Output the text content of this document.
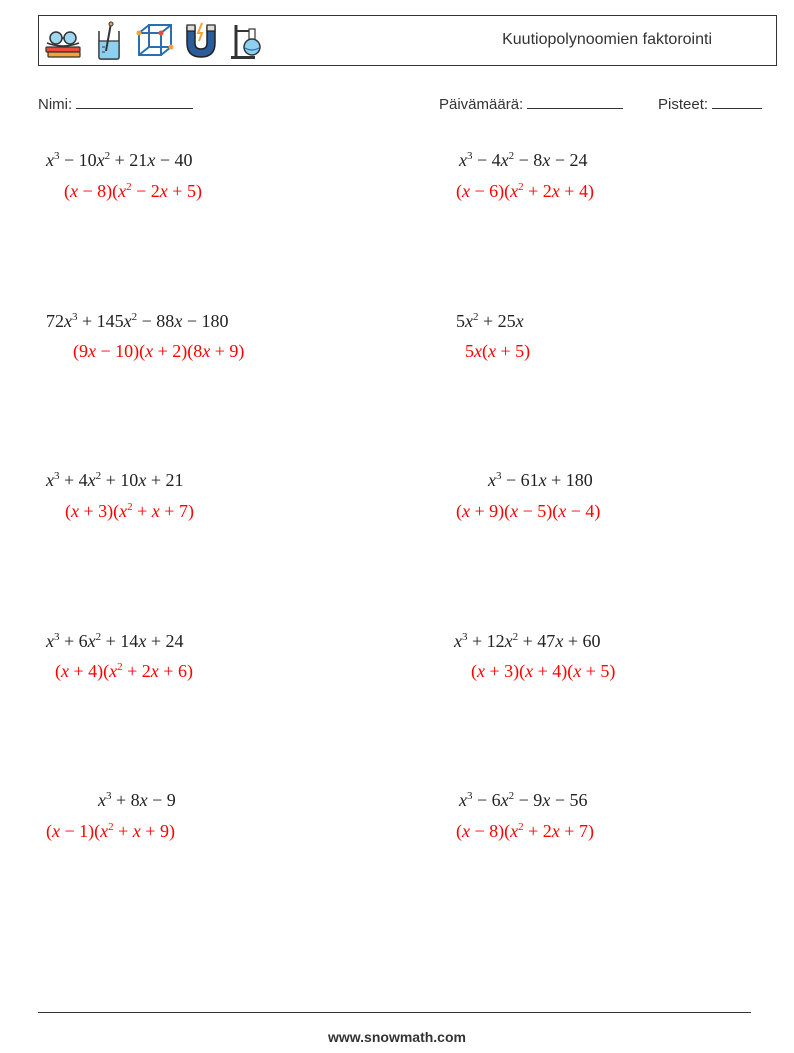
Kuutiopolynoomien faktorointi
Nimi:	Päivämäärä:	Pisteet:
$x^3 - 10x^2 + 21x - 40$
$(x - 8)(x^2 - 2x + 5)$
$x^3 - 4x^2 - 8x - 24$
$(x - 6)(x^2 + 2x + 4)$
$72x^3 + 145x^2 - 88x - 180$
(9x − 10)(x + 2)(8x + 9)
$5x^2 + 25x$
5x(x + 5)
$x^3 + 4x^2 + 10x + 21$
$(x + 3)(x^2 + x + 7)$
$x^3 - 61x + 180$
(x + 9)(x − 5)(x − 4)
$x^3 + 6x^2 + 14x + 24$
$(x + 4)(x^2 + 2x + 6)$
$x^3 + 12x^2 + 47x + 60$
(x + 3)(x + 4)(x + 5)
$x^3 + 8x - 9$
$(x - 1)(x^2 + x + 9)$
$x^3 - 6x^2 - 9x - 56$
$(x - 8)(x^2 + 2x + 7)$
www.snowmath.com
